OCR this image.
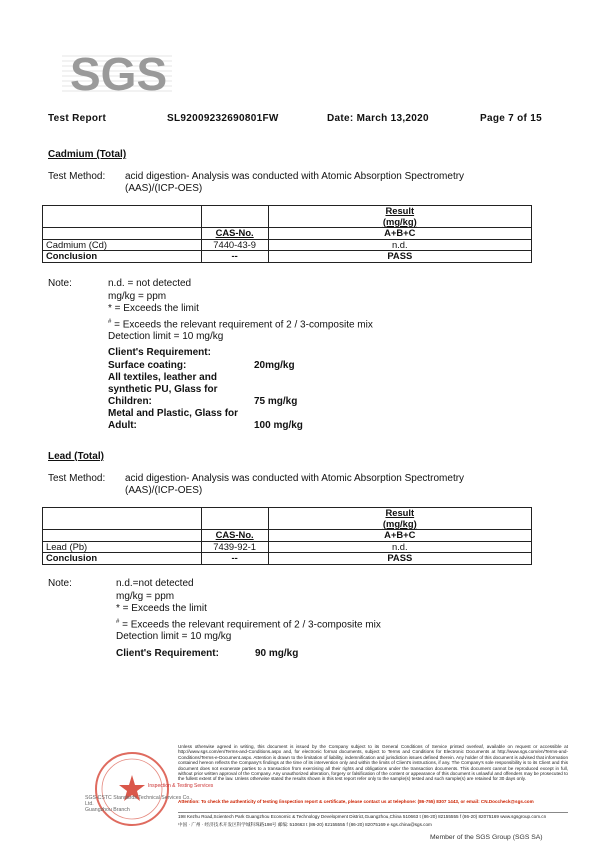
SGS
Test Report	SL92009232690801FW	Date: March 13,2020	Page 7 of 15
Cadmium (Total)
Test Method: acid digestion- Analysis was conducted with Atomic Absorption Spectrometry
(AAS)/(ICP-OES)
		Result
		(mg/kg)
	CAS-No.	A+B+C
Cadmium (Cd)	7440-43-9	n.d.
Conclusion	--	PASS
Note:	n.d. = not detected
mg/kg = ppm
* = Exceeds the limit
# = Exceeds the relevant requirement of 2 / 3-composite mix
Detection limit = 10 mg/kg
Client's Requirement:
Surface coating:	20mg/kg
All textiles, leather and synthetic PU, Glass for Children:	75 mg/kg
Metal and Plastic, Glass for Adult:	100 mg/kg
Lead (Total)
Test Method: acid digestion- Analysis was conducted with Atomic Absorption Spectrometry
(AAS)/(ICP-OES)
		Result
		(mg/kg)
	CAS-No.	A+B+C
Lead (Pb)	7439-92-1	n.d.
Conclusion	--	PASS
Note:	n.d.=not detected
mg/kg = ppm
* = Exceeds the limit
# = Exceeds the relevant requirement of 2 / 3-composite mix
Detection limit = 10 mg/kg
Client's Requirement:	90 mg/kg
SGS-CSTC Standards Technical Services Co., Ltd.
Guangzhou Branch
Inspection & Testing Services
Unless otherwise agreed in writing, this document is issued by the Company subject to its General Conditions of Service printed overleaf, available on request or accessible at http://www.sgs.com/en/Terms-and-Conditions.aspx and, for electronic format documents, subject to Terms and Conditions for Electronic Documents at http://www.sgs.com/en/Terms-and-Conditions/Terms-e-Document.aspx. Attention is drawn to the limitation of liability, indemnification and jurisdiction issues defined therein. Any holder of this document is advised that information contained hereon reflects the Company's findings at the time of its intervention only and within the limits of Client's instructions, if any. The Company's sole responsibility is to its Client and this document does not exonerate parties to a transaction from exercising all their rights and obligations under the transaction documents. This document cannot be reproduced except in full, without prior written approval of the Company. Any unauthorized alteration, forgery or falsification of the content or appearance of this document is unlawful and offenders may be prosecuted to the fullest extent of the law. Unless otherwise stated the results shown in this test report refer only to the sample(s) tested and such sample(s) are retained for 30 days only.
Attention: To check the authenticity of testing /inspection report & certificate, please contact us at telephone: (86-755) 8307 1443, or email: CN.Doccheck@sgs.com
198 Kezhu Road,Scientech Park Guangzhou Economic & Technology Development District,Guangzhou,China 510663 t (86-20) 82155555 f (86-20) 82075169 www.sgsgroup.com.cn
中国 · 广州 · 经济技术开发区科学城科珠路198号 邮编: 510663 t (86-20) 82155555 f (86-20) 82075169 e sgs.china@sgs.com
Member of the SGS Group (SGS SA)
